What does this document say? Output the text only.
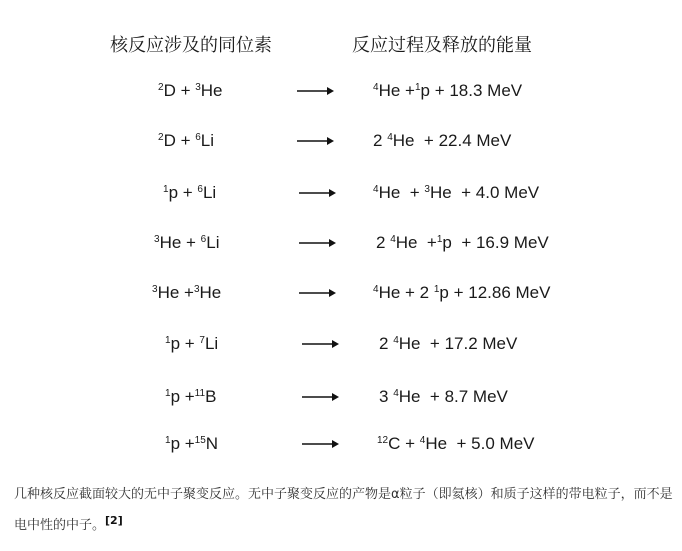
核反应涉及的同位素	反应过程及释放的能量
$^2$D + $^3$He	$^4$He +$^1$p + 18.3 MeV
$^2$D + $^6$Li	2 $^4$He  + 22.4 MeV
$^1$p + $^6$Li	$^4$He  + $^3$He  + 4.0 MeV
$^3$He + $^6$Li	2 $^4$He  +$^1$p  + 16.9 MeV
$^3$He +$^3$He	$^4$He + 2 $^1$p + 12.86 MeV
$^1$p + $^7$Li	2 $^4$He  + 17.2 MeV
$^1$p +$^{11}$B	3 $^4$He  + 8.7 MeV
$^1$p +$^{15}$N	$^{12}$C + $^4$He  + 5.0 MeV
几种核反应截面较大的无中子聚变反应。无中子聚变反应的产物是α粒子（即氦核）和质子这样的带电粒子，而不是电中性的中子。[2]
